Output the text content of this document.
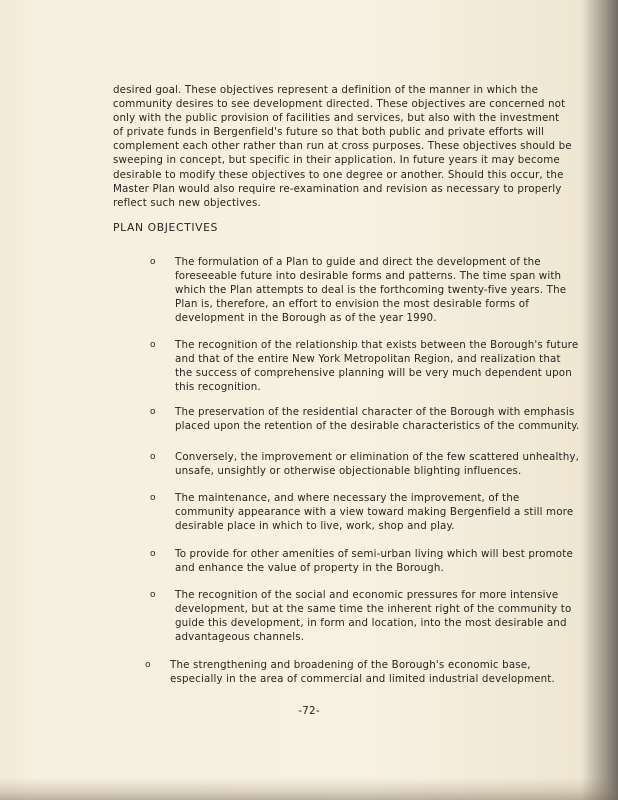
desired goal. These objectives represent a definition of the manner in which the community desires to see development directed. These objectives are concerned not only with the public provision of facilities and services, but also with the investment of private funds in Bergenfield's future so that both public and private efforts will complement each other rather than run at cross purposes. These objectives should be sweeping in concept, but specific in their application. In future years it may become desirable to modify these objectives to one degree or another. Should this occur, the Master Plan would also require re-examination and revision as necessary to properly reflect such new objectives.

PLAN OBJECTIVES

o The formulation of a Plan to guide and direct the development of the foreseeable future into desirable forms and patterns. The time span with which the Plan attempts to deal is the forthcoming twenty-five years. The Plan is, therefore, an effort to envision the most desirable forms of development in the Borough as of the year 1990.

o The recognition of the relationship that exists between the Borough's future and that of the entire New York Metropolitan Region, and realization that the success of comprehensive planning will be very much dependent upon this recognition.

o The preservation of the residential character of the Borough with emphasis placed upon the retention of the desirable characteristics of the community.

o Conversely, the improvement or elimination of the few scattered unhealthy, unsafe, unsightly or otherwise objectionable blighting influences.

o The maintenance, and where necessary the improvement, of the community appearance with a view toward making Bergenfield a still more desirable place in which to live, work, shop and play.

o To provide for other amenities of semi-urban living which will best promote and enhance the value of property in the Borough.

o The recognition of the social and economic pressures for more intensive development, but at the same time the inherent right of the community to guide this development, in form and location, into the most desirable and advantageous channels.

o The strengthening and broadening of the Borough's economic base, especially in the area of commercial and limited industrial development.

-72-
